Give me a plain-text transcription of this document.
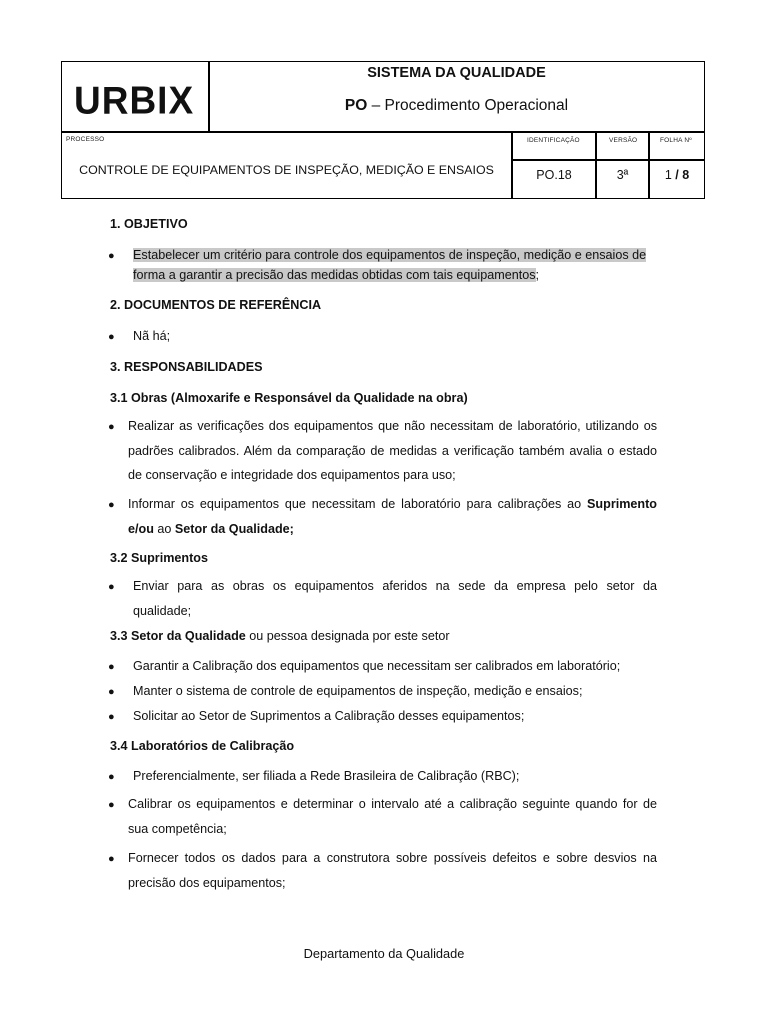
URBIX
SISTEMA DA QUALIDADE
PO – Procedimento Operacional
PROCESSO	IDENTIFICAÇÃO	VERSÃO	FOLHA Nº
CONTROLE DE EQUIPAMENTOS DE INSPEÇÃO, MEDIÇÃO E ENSAIOS	PO.18	3ª	1 / 8
1. OBJETIVO
● Estabelecer um critério para controle dos equipamentos de inspeção, medição e ensaios de
forma a garantir a precisão das medidas obtidas com tais equipamentos;
2. DOCUMENTOS DE REFERÊNCIA
● Nã há;
3. RESPONSABILIDADES
3.1 Obras (Almoxarife e Responsável da Qualidade na obra)
● Realizar as verificações dos equipamentos que não necessitam de laboratório, utilizando os
padrões calibrados. Além da comparação de medidas a verificação também avalia o estado
de conservação e integridade dos equipamentos para uso;
● Informar os equipamentos que necessitam de laboratório para calibrações ao Suprimento
e/ou ao Setor da Qualidade;
3.2 Suprimentos
● Enviar para as obras os equipamentos aferidos na sede da empresa pelo setor da
qualidade;
3.3 Setor da Qualidade ou pessoa designada por este setor
● Garantir a Calibração dos equipamentos que necessitam ser calibrados em laboratório;
● Manter o sistema de controle de equipamentos de inspeção, medição e ensaios;
● Solicitar ao Setor de Suprimentos a Calibração desses equipamentos;
3.4 Laboratórios de Calibração
● Preferencialmente, ser filiada a Rede Brasileira de Calibração (RBC);
● Calibrar os equipamentos e determinar o intervalo até a calibração seguinte quando for de
sua competência;
● Fornecer todos os dados para a construtora sobre possíveis defeitos e sobre desvios na
precisão dos equipamentos;
Departamento da Qualidade
